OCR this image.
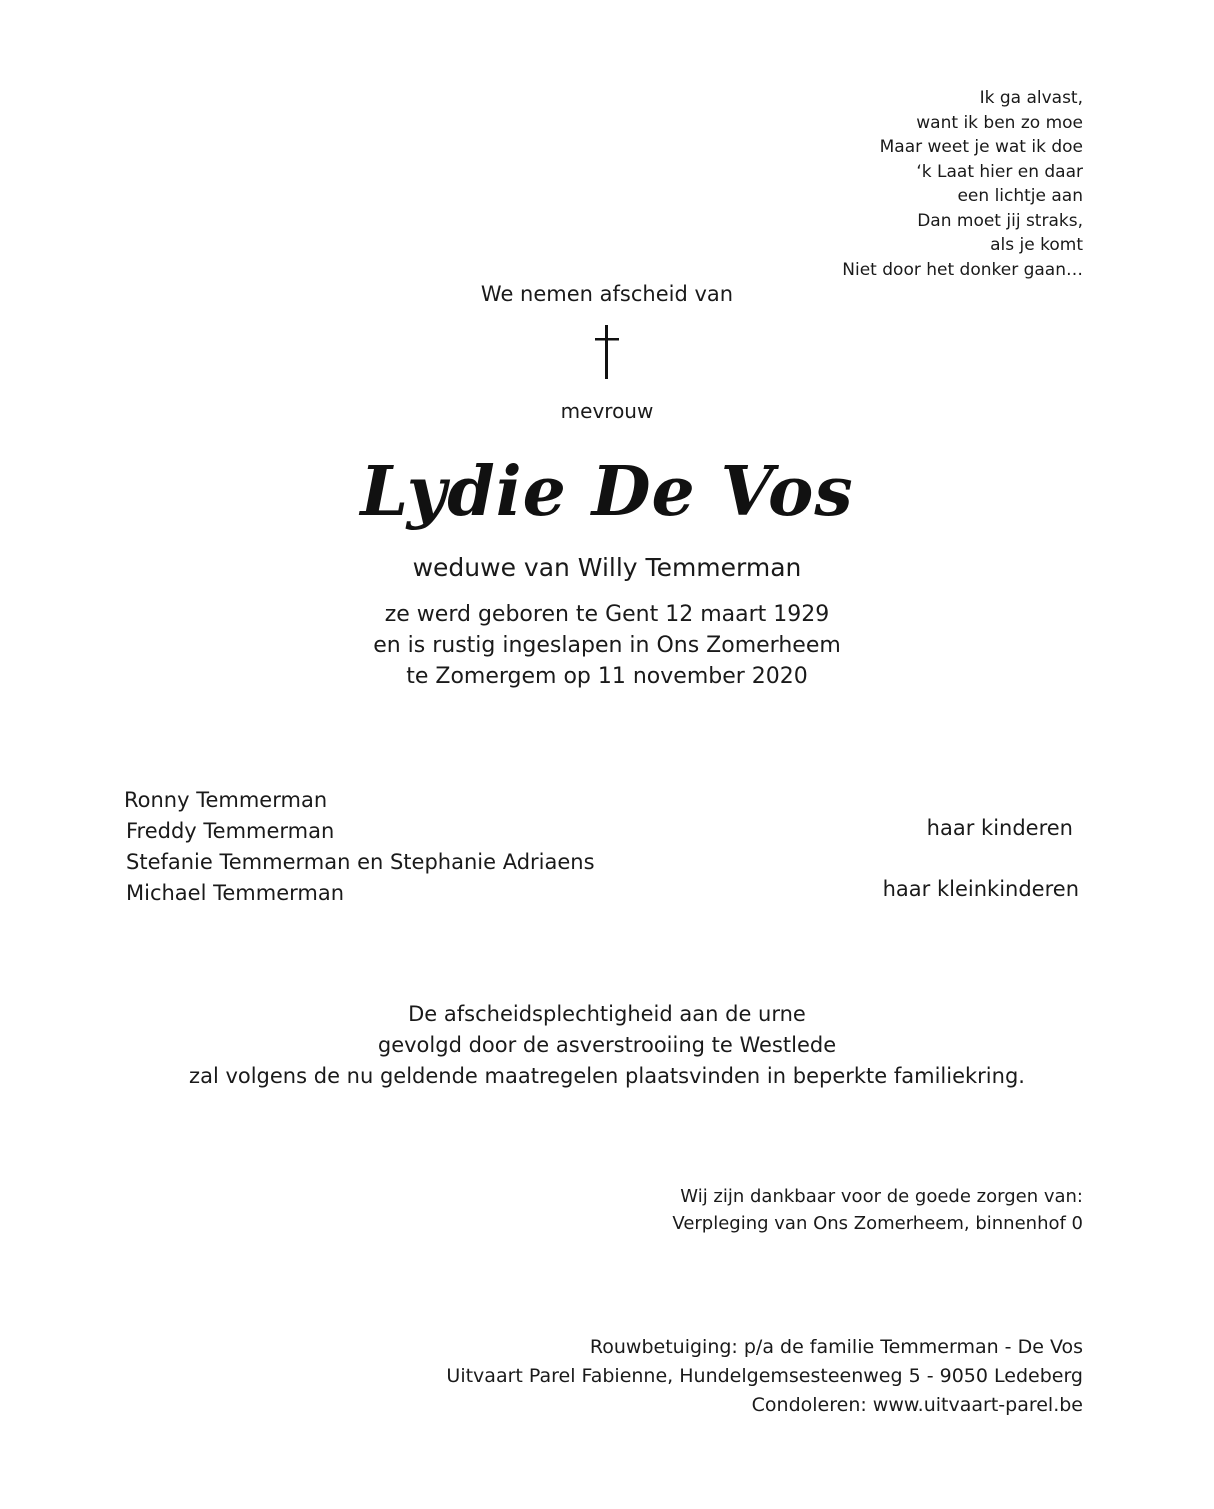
Ik ga alvast,
want ik ben zo moe
Maar weet je wat ik doe
‘k Laat hier en daar
een lichtje aan
Dan moet jij straks,
als je komt
Niet door het donker gaan…
We nemen afscheid van
mevrouw
Lydie De Vos
weduwe van Willy Temmerman
ze werd geboren te Gent 12 maart 1929
en is rustig ingeslapen in Ons Zomerheem
te Zomergem op 11 november 2020
Ronny Temmerman
Freddy Temmerman
Stefanie Temmerman en Stephanie Adriaens
Michael Temmerman
haar kinderen
haar kleinkinderen
De afscheidsplechtigheid aan de urne
gevolgd door de asverstrooiing te Westlede
zal volgens de nu geldende maatregelen plaatsvinden in beperkte familiekring.
Wij zijn dankbaar voor de goede zorgen van:
Verpleging van Ons Zomerheem, binnenhof 0
Rouwbetuiging: p/a de familie Temmerman - De Vos
Uitvaart Parel Fabienne, Hundelgemsesteenweg 5 - 9050 Ledeberg
Condoleren: www.uitvaart-parel.be
